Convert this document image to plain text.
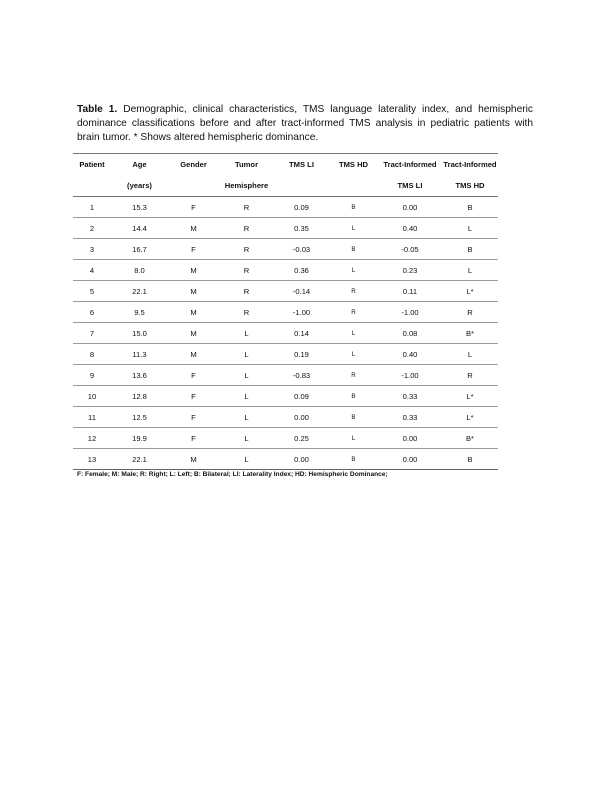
Table 1. Demographic, clinical characteristics, TMS language laterality index, and hemispheric dominance classifications before and after tract-informed TMS analysis in pediatric patients with brain tumor. * Shows altered hemispheric dominance.
Patient	Age	Gender	Tumor	TMS LI	TMS HD	Tract-Informed	Tract-Informed
	(years)		Hemisphere			TMS LI	TMS HD
1	15.3	F	R	0.09	B	0.00	B
2	14.4	M	R	0.35	L	0.40	L
3	16.7	F	R	-0.03	B	-0.05	B
4	8.0	M	R	0.36	L	0.23	L
5	22.1	M	R	-0.14	R	0.11	L*
6	9.5	M	R	-1.00	R	-1.00	R
7	15.0	M	L	0.14	L	0.08	B*
8	11.3	M	L	0.19	L	0.40	L
9	13.6	F	L	-0.83	R	-1.00	R
10	12.8	F	L	0.09	B	0.33	L*
11	12.5	F	L	0.00	B	0.33	L*
12	19.9	F	L	0.25	L	0.00	B*
13	22.1	M	L	0.00	B	0.00	B
F: Female; M: Male; R: Right; L: Left; B: Bilateral; LI: Laterality Index; HD: Hemispheric Dominance;
